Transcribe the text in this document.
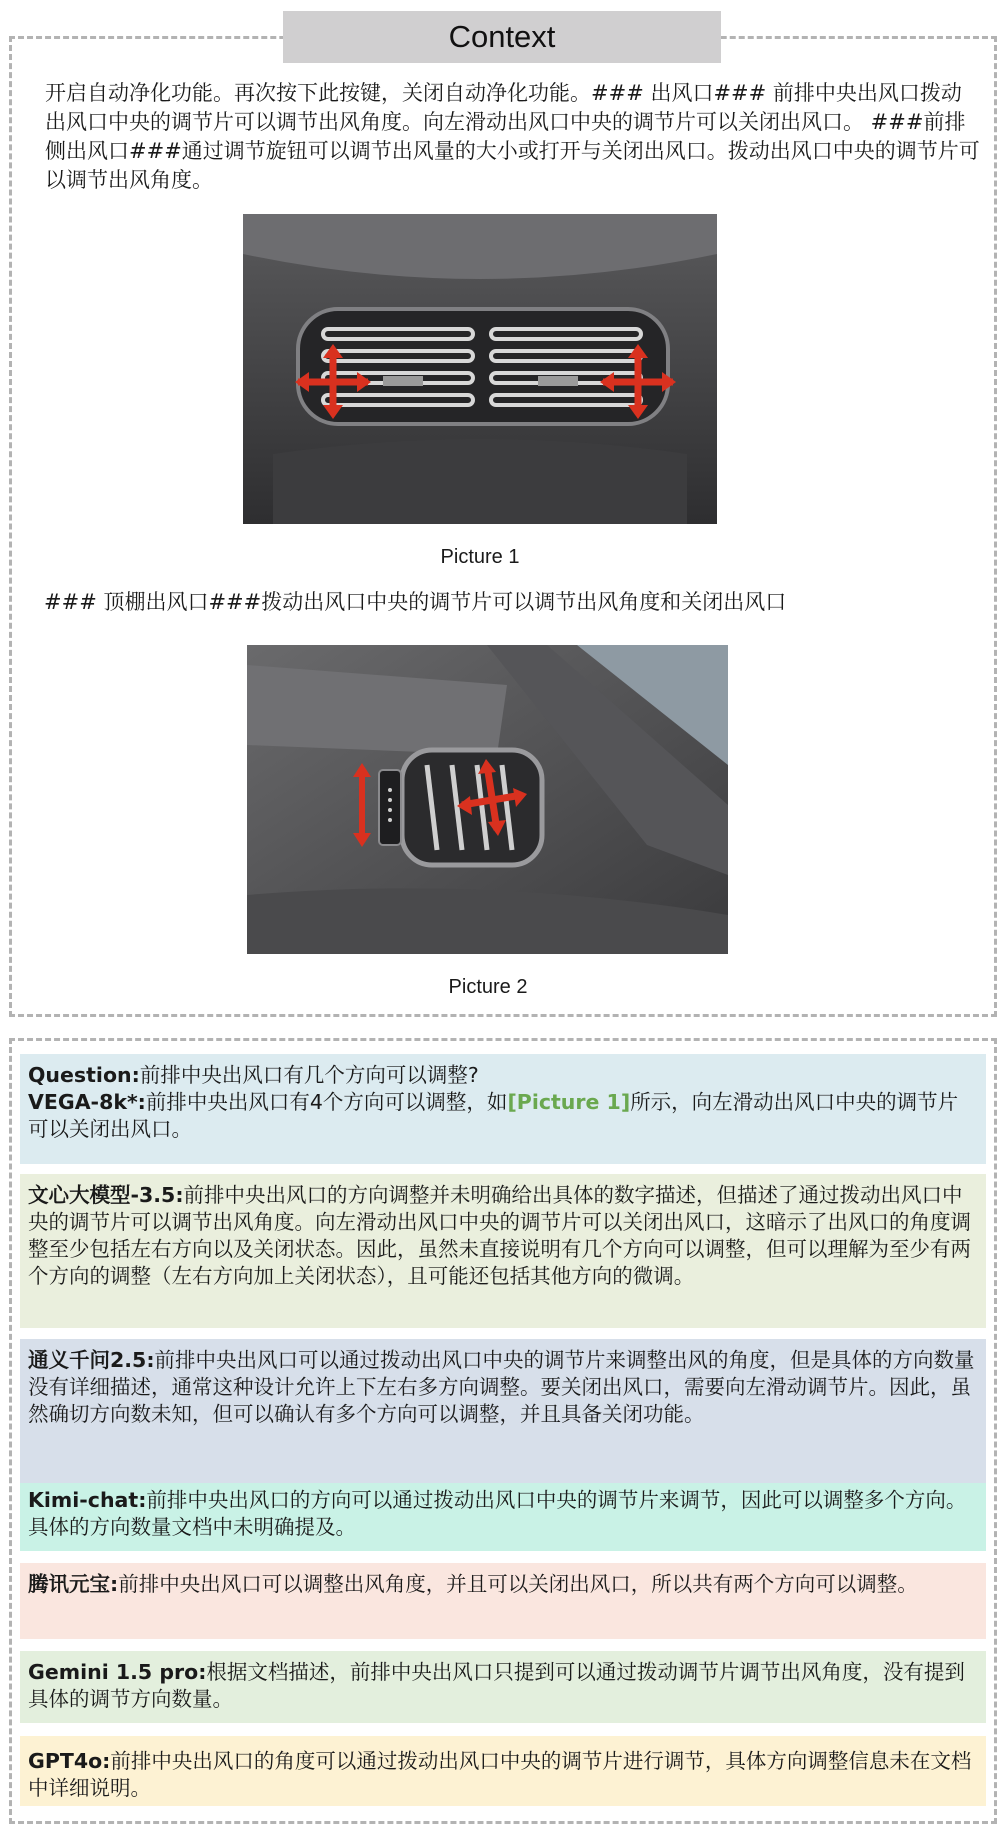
Context

开启自动净化功能。再次按下此按键，关闭自动净化功能。### 出风口### 前排中央出风口拨动出风口中央的调节片可以调节出风角度。向左滑动出风口中央的调节片可以关闭出风口。 ###前排侧出风口###通过调节旋钮可以调节出风量的大小或打开与关闭出风口。拨动出风口中央的调节片可以调节出风角度。

Picture 1

### 顶棚出风口###拨动出风口中央的调节片可以调节出风角度和关闭出风口

Picture 2
Question:前排中央出风口有几个方向可以调整?
VEGA-8k*:前排中央出风口有4个方向可以调整，如[Picture 1]所示，向左滑动出风口中央的调节片可以关闭出风口。
文心大模型-3.5:前排中央出风口的方向调整并未明确给出具体的数字描述，但描述了通过拨动出风口中央的调节片可以调节出风角度。向左滑动出风口中央的调节片可以关闭出风口，这暗示了出风口的角度调整至少包括左右方向以及关闭状态。因此，虽然未直接说明有几个方向可以调整，但可以理解为至少有两个方向的调整（左右方向加上关闭状态），且可能还包括其他方向的微调。
通义千问2.5:前排中央出风口可以通过拨动出风口中央的调节片来调整出风的角度，但是具体的方向数量没有详细描述，通常这种设计允许上下左右多方向调整。要关闭出风口，需要向左滑动调节片。因此，虽然确切方向数未知，但可以确认有多个方向可以调整，并且具备关闭功能。
Kimi-chat:前排中央出风口的方向可以通过拨动出风口中央的调节片来调节，因此可以调整多个方向。具体的方向数量文档中未明确提及。
腾讯元宝:前排中央出风口可以调整出风角度，并且可以关闭出风口，所以共有两个方向可以调整。
Gemini 1.5 pro:根据文档描述，前排中央出风口只提到可以通过拨动调节片调节出风角度，没有提到具体的调节方向数量。
GPT4o:前排中央出风口的角度可以通过拨动出风口中央的调节片进行调节，具体方向调整信息未在文档中详细说明。
